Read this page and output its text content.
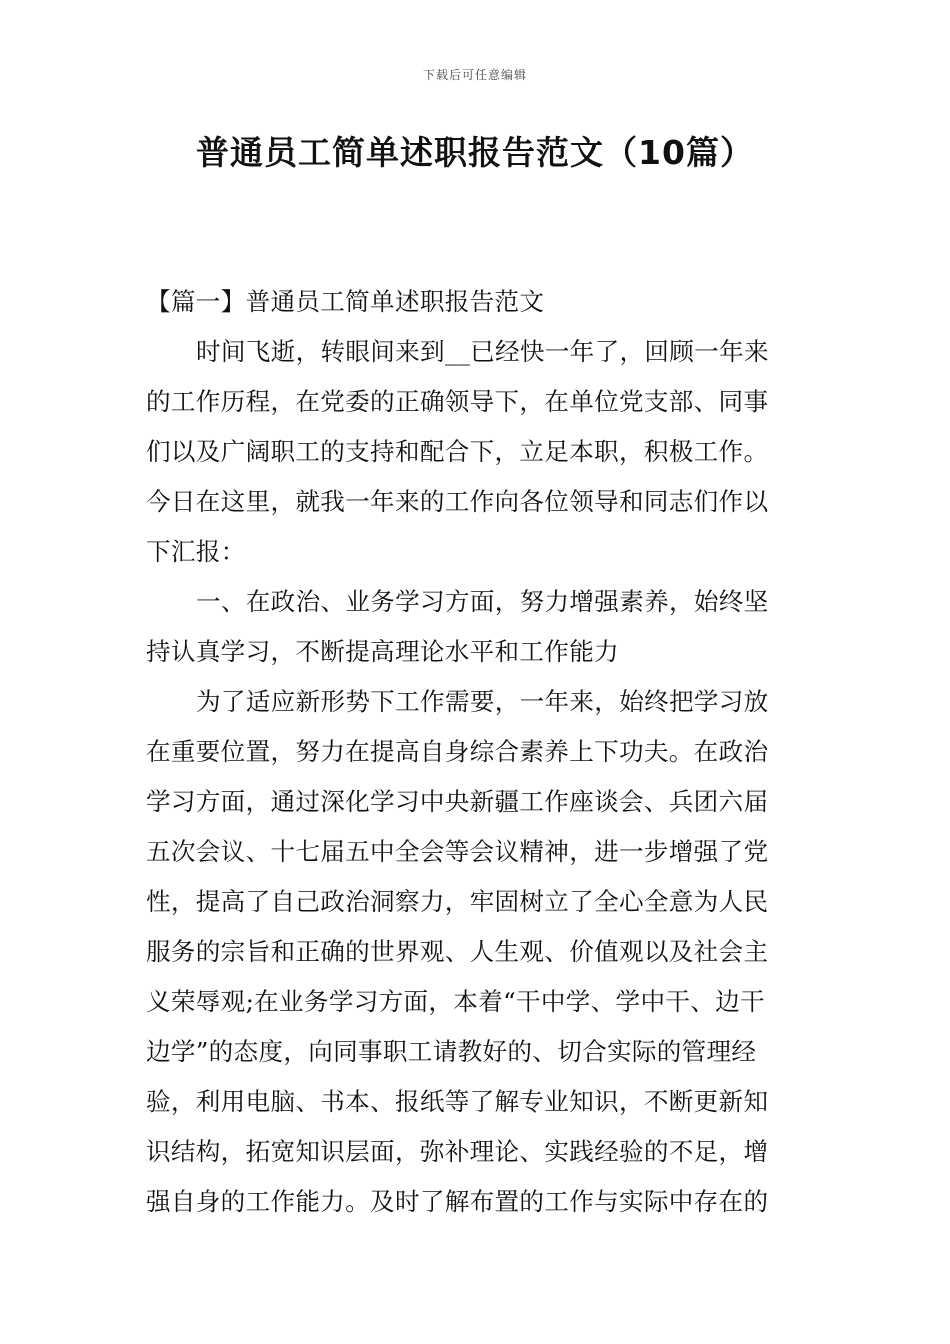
下载后可任意编辑
普通员工简单述职报告范文（10篇）
【篇一】普通员工简单述职报告范文
时间飞逝，转眼间来到__已经快一年了，回顾一年来
的工作历程，在党委的正确领导下，在单位党支部、同事
们以及广阔职工的支持和配合下，立足本职，积极工作。
今日在这里，就我一年来的工作向各位领导和同志们作以
下汇报：
一、在政治、业务学习方面，努力增强素养，始终坚
持认真学习，不断提高理论水平和工作能力
为了适应新形势下工作需要，一年来，始终把学习放
在重要位置，努力在提高自身综合素养上下功夫。在政治
学习方面，通过深化学习中央新疆工作座谈会、兵团六届
五次会议、十七届五中全会等会议精神，进一步增强了党
性，提高了自己政治洞察力，牢固树立了全心全意为人民
服务的宗旨和正确的世界观、人生观、价值观以及社会主
义荣辱观;在业务学习方面，本着“干中学、学中干、边干
边学”的态度，向同事职工请教好的、切合实际的管理经
验，利用电脑、书本、报纸等了解专业知识，不断更新知
识结构，拓宽知识层面，弥补理论、实践经验的不足，增
强自身的工作能力。及时了解布置的工作与实际中存在的
